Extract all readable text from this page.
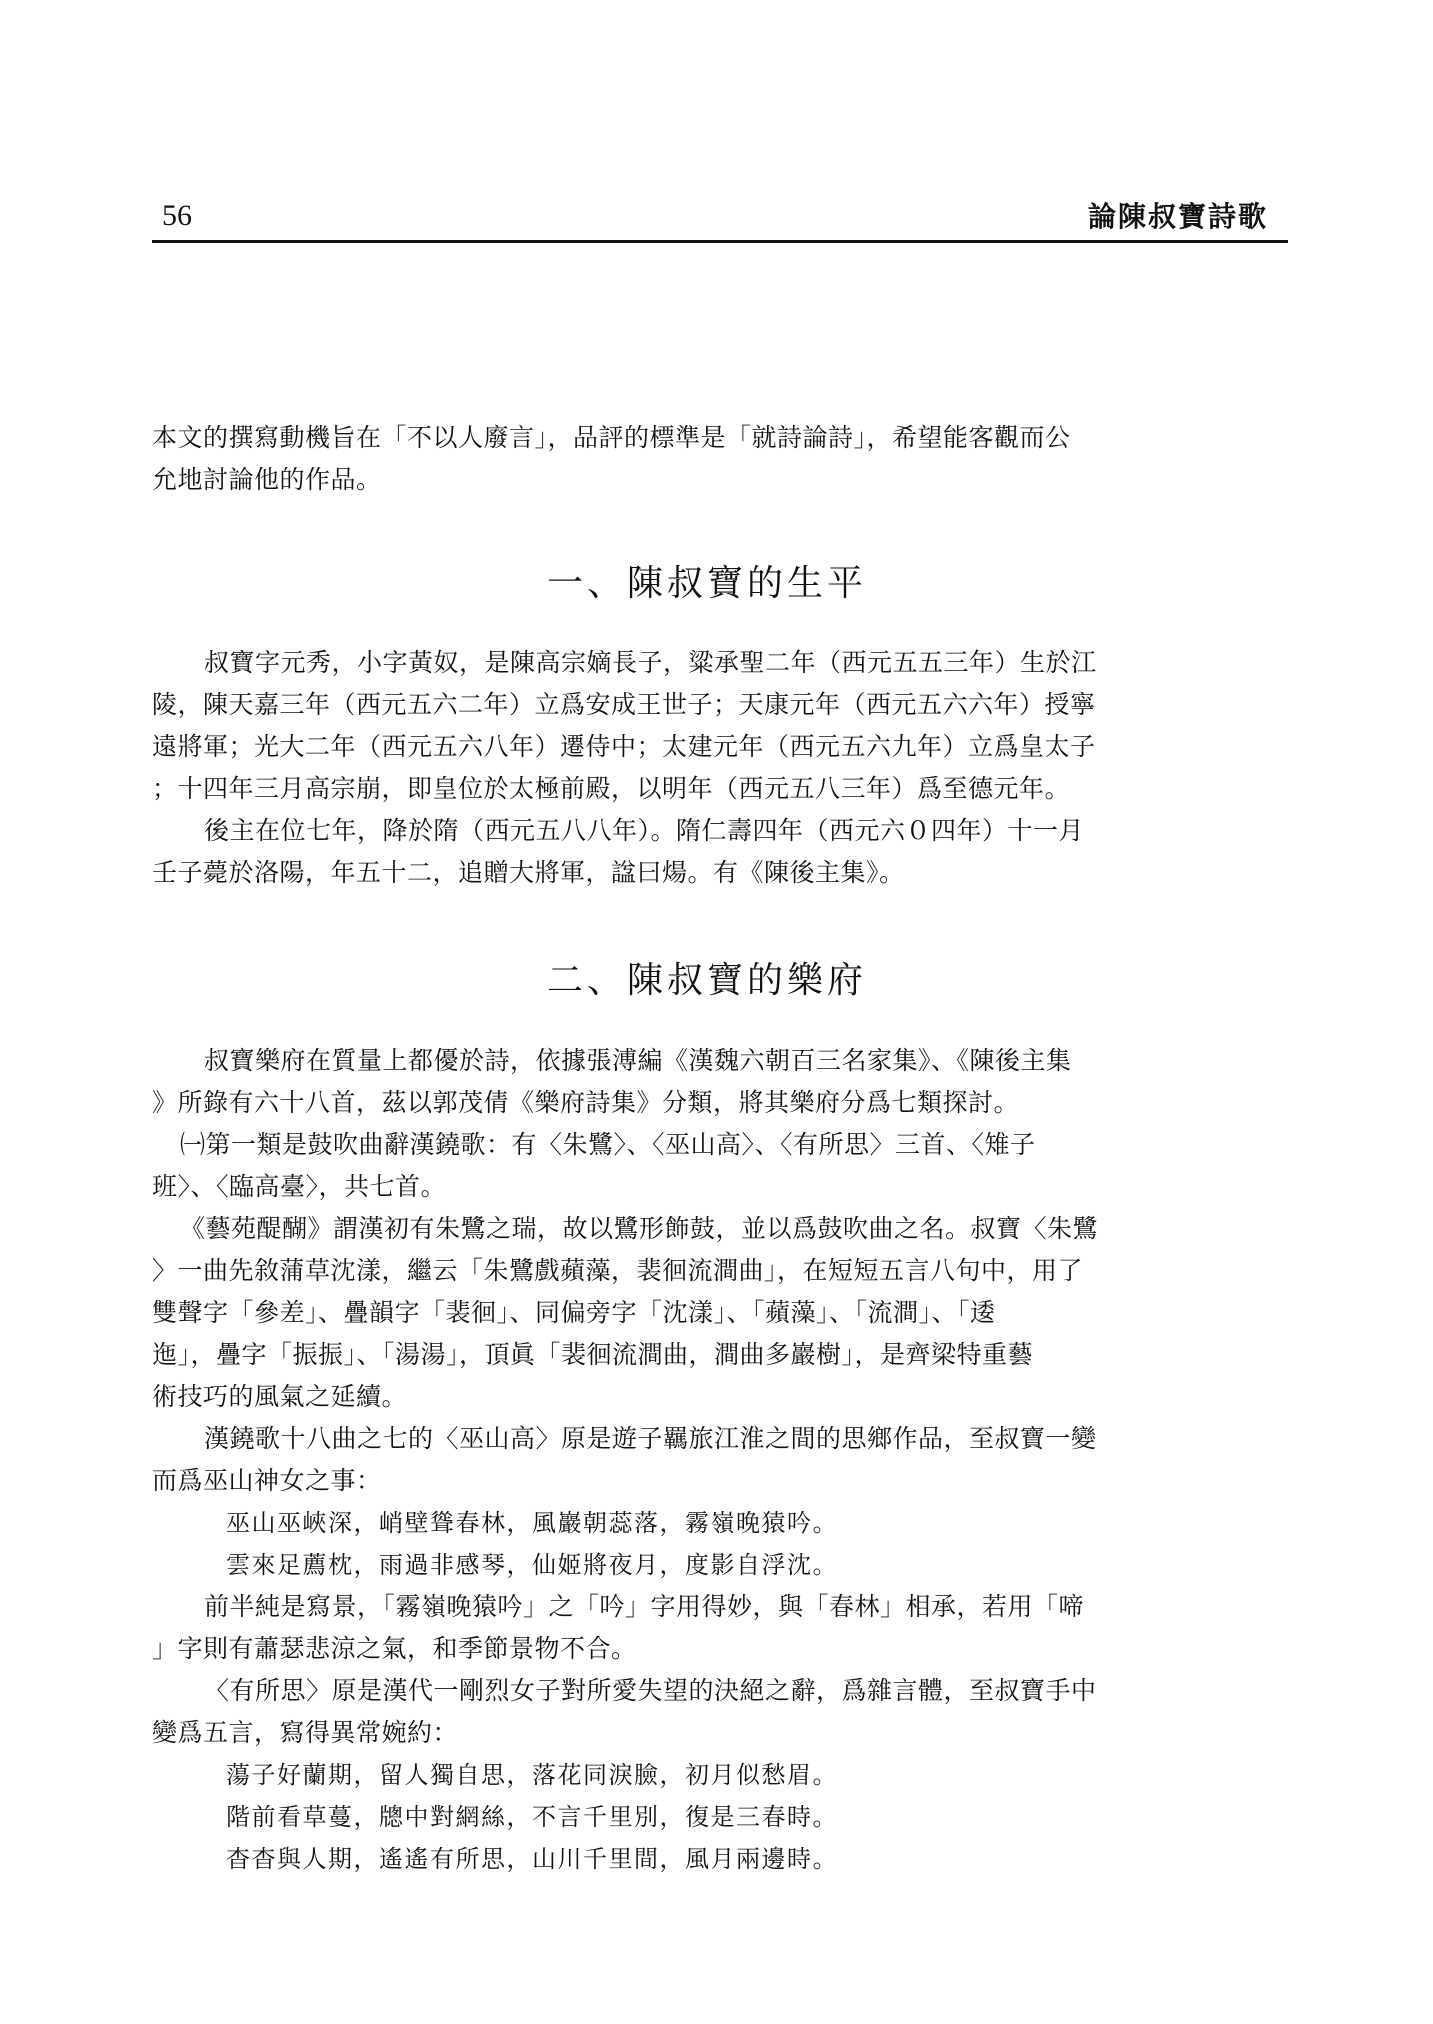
56	論陳叔寶詩歌
本文的撰寫動機旨在「不以人廢言」，品評的標準是「就詩論詩」，希望能客觀而公
允地討論他的作品。
一、陳叔寶的生平
叔寶字元秀，小字黃奴，是陳高宗嫡長子，粱承聖二年（西元五五三年）生於江
陵，陳天嘉三年（西元五六二年）立爲安成王世子；天康元年（西元五六六年）授寧
遠將軍；光大二年（西元五六八年）遷侍中；太建元年（西元五六九年）立爲皇太子
；十四年三月高宗崩，即皇位於太極前殿，以明年（西元五八三年）爲至德元年。
後主在位七年，降於隋（西元五八八年）。隋仁壽四年（西元六０四年）十一月
壬子薨於洛陽，年五十二，追贈大將軍，諡曰煬。有《陳後主集》。
二、陳叔寶的樂府
叔寶樂府在質量上都優於詩，依據張溥編《漢魏六朝百三名家集》、《陳後主集
》所錄有六十八首，茲以郭茂倩《樂府詩集》分類，將其樂府分爲七類探討。
㈠第一類是鼓吹曲辭漢鐃歌：有〈朱鷺〉、〈巫山高〉、〈有所思〉三首、〈雉子
班〉、〈臨高臺〉，共七首。
《藝苑醍醐》謂漢初有朱鷺之瑞，故以鷺形飾鼓，並以爲鼓吹曲之名。叔寶〈朱鷺
〉一曲先敘蒲草沈漾，繼云「朱鷺戲蘋藻，裴徊流澗曲」，在短短五言八句中，用了
雙聲字「參差」、疊韻字「裴徊」、同偏旁字「沈漾」、「蘋藻」、「流澗」、「逶
迤」，疊字「振振」、「湯湯」，頂眞「裴徊流澗曲，澗曲多巖樹」，是齊梁特重藝
術技巧的風氣之延續。
漢鐃歌十八曲之七的〈巫山高〉原是遊子羈旅江淮之間的思鄉作品，至叔寶一變
而爲巫山神女之事：
巫山巫峽深，峭壁聳春林，風巖朝蕊落，霧嶺晚猿吟。
雲來足薦枕，雨過非感琴，仙姬將夜月，度影自浮沈。
前半純是寫景，「霧嶺晚猿吟」之「吟」字用得妙，與「春林」相承，若用「啼
」字則有蕭瑟悲涼之氣，和季節景物不合。
〈有所思〉原是漢代一剛烈女子對所愛失望的決絕之辭，爲雜言體，至叔寶手中
變爲五言，寫得異常婉約：
蕩子好蘭期，留人獨自思，落花同淚臉，初月似愁眉。
階前看草蔓，牕中對網絲，不言千里別，復是三春時。
杳杳與人期，遙遙有所思，山川千里間，風月兩邊時。
